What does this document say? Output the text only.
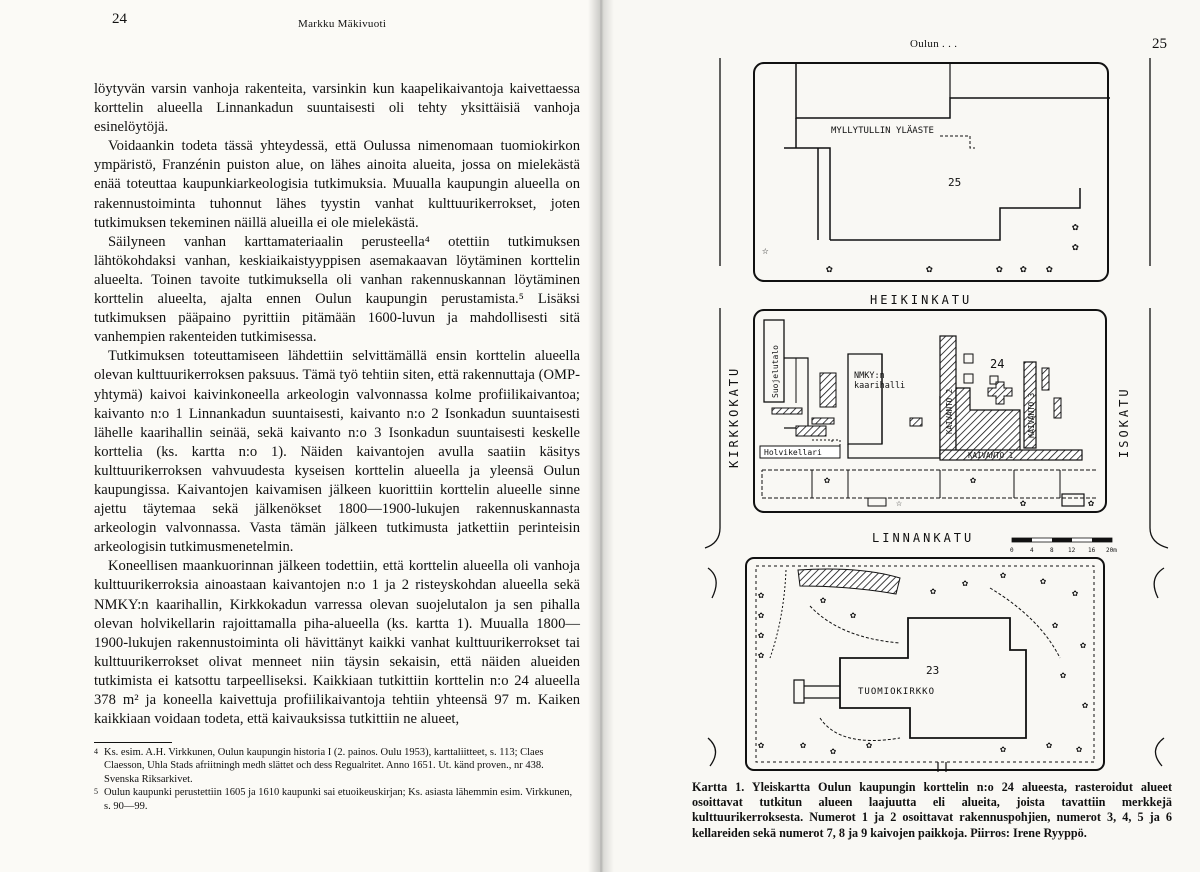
24	Markku Mäkivuoti

löytyvän varsin vanhoja rakenteita, varsinkin kun kaapelikaivantoja kaivettaessa korttelin alueella Linnankadun suuntaisesti oli tehty yksittäisiä vanhoja esinelöytöjä.

Voidaankin todeta tässä yhteydessä, että Oulussa nimenomaan tuomiokirkon ympäristö, Franzénin puiston alue, on lähes ainoita alueita, jossa on mielekästä enää toteuttaa kaupunkiarkeologisia tutkimuksia. Muualla kaupungin alueella on rakennustoiminta tuhonnut lähes tyystin vanhat kulttuurikerrokset, joten tutkimuksen tekeminen näillä alueilla ei ole mielekästä.

Säilyneen vanhan karttamateriaalin perusteella⁴ otettiin tutkimuksen lähtökohdaksi vanhan, keskiaikaistyyppisen asemakaavan löytäminen korttelin alueelta. Toinen tavoite tutkimuksella oli vanhan rakennuskannan löytäminen korttelin alueelta, ajalta ennen Oulun kaupungin perustamista.⁵ Lisäksi tutkimuksen pääpaino pyrittiin pitämään 1600-luvun ja mahdollisesti sitä vanhempien rakenteiden tutkimisessa.

Tutkimuksen toteuttamiseen lähdettiin selvittämällä ensin korttelin alueella olevan kulttuurikerroksen paksuus. Tämä työ tehtiin siten, että rakennuttaja (OMP-yhtymä) kaivoi kaivinkoneella arkeologin valvonnassa kolme profiilikaivantoa; kaivanto n:o 1 Linnankadun suuntaisesti, kaivanto n:o 2 Isonkadun suuntaisesti lähelle kaarihallin seinää, sekä kaivanto n:o 3 Isonkadun suuntaisesti keskelle korttelia (ks. kartta n:o 1). Näiden kaivantojen avulla saatiin käsitys kulttuurikerroksen vahvuudesta kyseisen korttelin alueella ja yleensä Oulun kaupungissa. Kaivantojen kaivamisen jälkeen kuorittiin korttelin alueelle sinne ajettu täytemaa sekä jälkenökset 1800—1900-lukujen rakennuskannasta arkeologin valvonnassa. Vasta tämän jälkeen tutkimusta jatkettiin perinteisin arkeologisin tutkimusmenetelmin.

Koneellisen maankuorinnan jälkeen todettiin, että korttelin alueella oli vanhoja kulttuurikerroksia ainoastaan kaivantojen n:o 1 ja 2 risteyskohdan alueella sekä NMKY:n kaarihallin, Kirkkokadun varressa olevan suojelutalon ja sen pihalla olevan holvikellarin rajoittamalla piha-alueella (ks. kartta 1). Muualla 1800—1900-lukujen rakennustoiminta oli hävittänyt kaikki vanhat kulttuurikerrokset tai kulttuurikerrokset olivat menneet niin täysin sekaisin, että näiden alueiden tutkimista ei katsottu tarpeelliseksi. Kaikkiaan tutkittiin korttelin n:o 24 alueella 378 m² ja koneella kaivettuja profiilikaivantoja tehtiin yhteensä 97 m. Kaiken kaikkiaan voidaan todeta, että kaivauksissa tutkittiin ne alueet,

4 Ks. esim. A.H. Virkkunen, Oulun kaupungin historia I (2. painos. Oulu 1953), karttaliitteet, s. 113; Claes Claesson, Uhla Stads afriitningh medh slättet och dess Regualritet. Anno 1651. Ut. känd proven., nr 438. Svenska Riksarkivet.

5 Oulun kaupunki perustettiin 1605 ja 1610 kaupunki sai etuoikeuskirjan; Ks. asiasta lähemmin esim. Virkkunen, s. 90—99.

Oulun . . .	25
MYLLYTULLIN YLÄASTE
25
✿	✿	✿ ✿ ✿
✿
✿
☆
HEIKINKATU
Suojelutalo
Holvikellari
NMKY:n
kaarihalli
KAIVANTO 2
24
KAIVANTO 3
KAIVANTO 1
✿	✿
☆	✿	✿
KIRKKOKATU	ISOKATU
LINNANKATU
0	4	8 12 16 20m
23
TUOMIOKIRKKO
✿
✿
✿
✿
✿
✿
✿
✿
✿
✿
✿
✿
✿
✿
✿
✿
✿ ✿
✿
✿
✿	✿

Kartta 1. Yleiskartta Oulun kaupungin korttelin n:o 24 alueesta, rasteroidut alueet osoittavat tutkitun alueen laajuutta eli alueita, joista tavattiin merkkejä kulttuurikerroksesta. Numerot 1 ja 2 osoittavat rakennuspohjien, numerot 3, 4, 5 ja 6 kellareiden sekä numerot 7, 8 ja 9 kaivojen paikkoja. Piirros: Irene Ryyppö.
